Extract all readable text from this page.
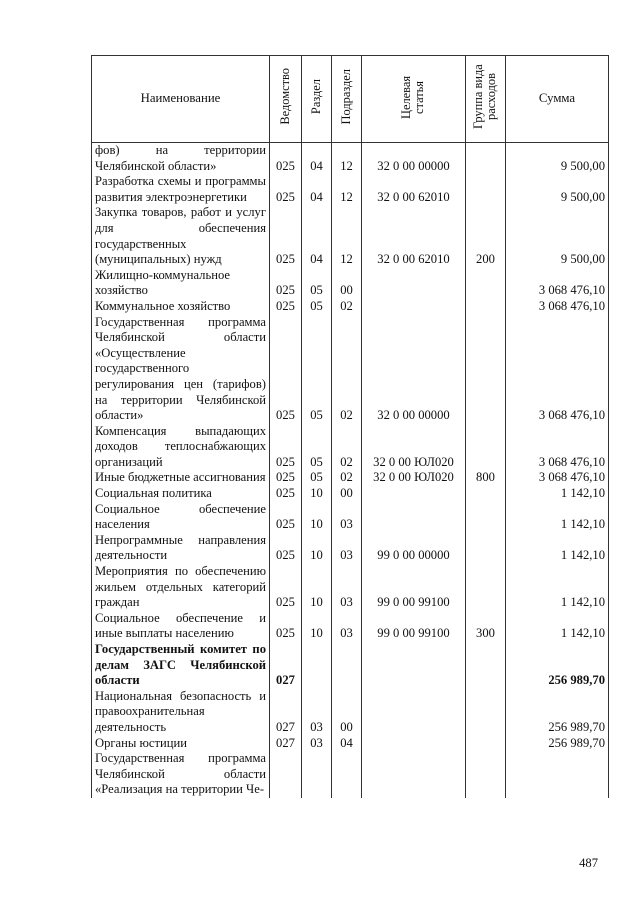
Наименование	Ведомство	Раздел	Подраздел	Целевая статья	Группа вида расходов	Сумма
фов) на территории Челябинской области»	025	04	12	32 0 00 00000		9 500,00
Разработка схемы и программы развития электроэнергетики	025	04	12	32 0 00 62010		9 500,00
Закупка товаров, работ и услуг для обеспечения государственных (муниципальных) нужд	025	04	12	32 0 00 62010	200	9 500,00
Жилищно-коммунальное хозяйство	025	05	00			3 068 476,10
Коммунальное хозяйство	025	05	02			3 068 476,10
Государственная программа Челябинской области «Осуществление государственного регулирования цен (тарифов) на территории Челябинской области»	025	05	02	32 0 00 00000		3 068 476,10
Компенсация выпадающих доходов теплоснабжающих организаций	025	05	02	32 0 00 ЮЛ020		3 068 476,10
Иные бюджетные ассигнования	025	05	02	32 0 00 ЮЛ020	800	3 068 476,10
Социальная политика	025	10	00			1 142,10
Социальное обеспечение населения	025	10	03			1 142,10
Непрограммные направления деятельности	025	10	03	99 0 00 00000		1 142,10
Мероприятия по обеспечению жильем отдельных категорий граждан	025	10	03	99 0 00 99100		1 142,10
Социальное обеспечение и иные выплаты населению	025	10	03	99 0 00 99100	300	1 142,10
Государственный комитет по делам ЗАГС Челябинской области	027					256 989,70
Национальная безопасность и правоохранительная деятельность	027	03	00			256 989,70
Органы юстиции	027	03	04			256 989,70
Государственная программа Челябинской области «Реализация на территории Че-						
487
